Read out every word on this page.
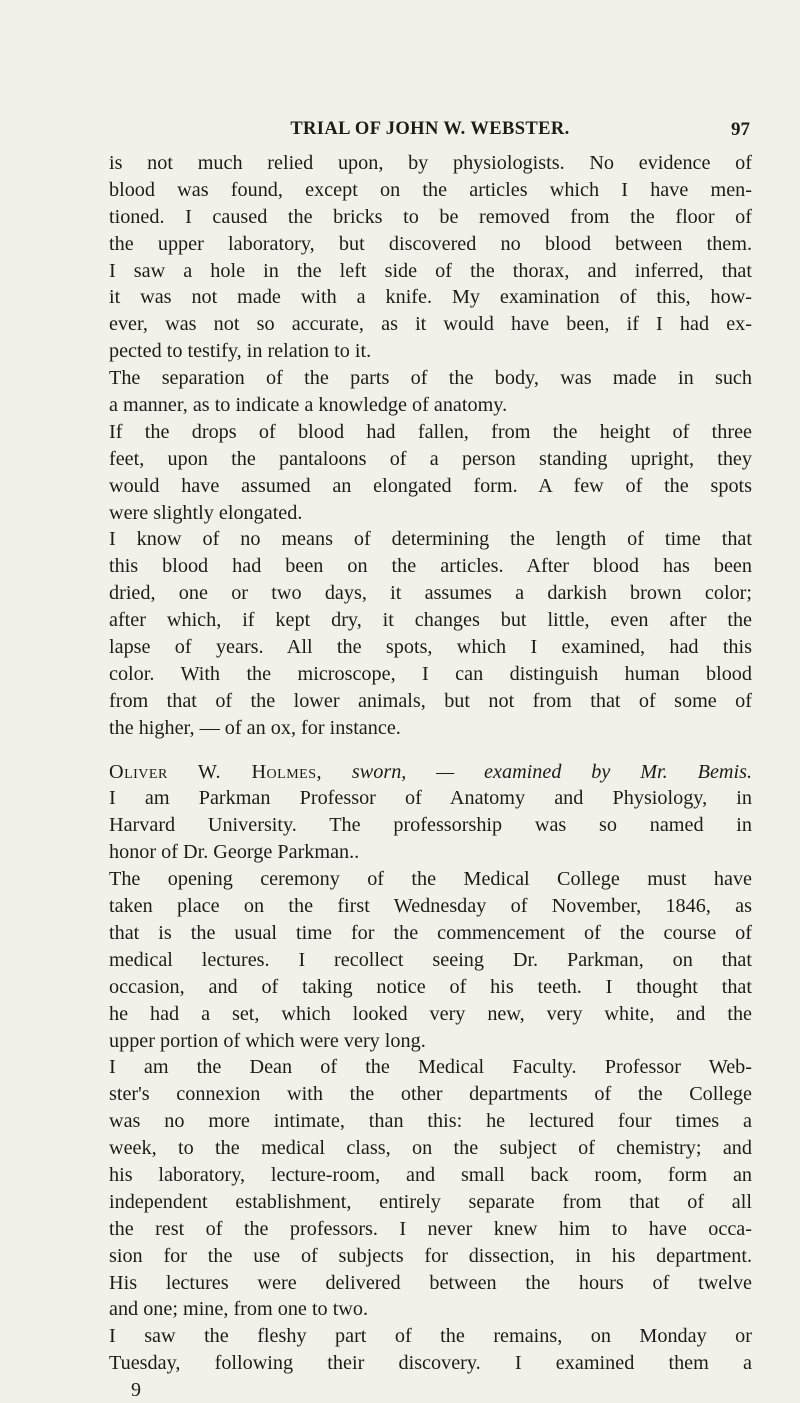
TRIAL OF JOHN W. WEBSTER.	97
is not much relied upon, by physiologists. No evidence of
blood was found, except on the articles which I have men-
tioned. I caused the bricks to be removed from the floor of
the upper laboratory, but discovered no blood between them.
I saw a hole in the left side of the thorax, and inferred, that
it was not made with a knife. My examination of this, how-
ever, was not so accurate, as it would have been, if I had ex-
pected to testify, in relation to it.
The separation of the parts of the body, was made in such
a manner, as to indicate a knowledge of anatomy.
If the drops of blood had fallen, from the height of three
feet, upon the pantaloons of a person standing upright, they
would have assumed an elongated form. A few of the spots
were slightly elongated.
I know of no means of determining the length of time that
this blood had been on the articles. After blood has been
dried, one or two days, it assumes a darkish brown color;
after which, if kept dry, it changes but little, even after the
lapse of years. All the spots, which I examined, had this
color. With the microscope, I can distinguish human blood
from that of the lower animals, but not from that of some of
the higher, — of an ox, for instance.
Oliver W. Holmes, sworn, — examined by Mr. Bemis.
I am Parkman Professor of Anatomy and Physiology, in
Harvard University. The professorship was so named in
honor of Dr. George Parkman..
The opening ceremony of the Medical College must have
taken place on the first Wednesday of November, 1846, as
that is the usual time for the commencement of the course of
medical lectures. I recollect seeing Dr. Parkman, on that
occasion, and of taking notice of his teeth. I thought that
he had a set, which looked very new, very white, and the
upper portion of which were very long.
I am the Dean of the Medical Faculty. Professor Web-
ster's connexion with the other departments of the College
was no more intimate, than this: he lectured four times a
week, to the medical class, on the subject of chemistry; and
his laboratory, lecture-room, and small back room, form an
independent establishment, entirely separate from that of all
the rest of the professors. I never knew him to have occa-
sion for the use of subjects for dissection, in his department.
His lectures were delivered between the hours of twelve
and one; mine, from one to two.
I saw the fleshy part of the remains, on Monday or
Tuesday, following their discovery. I examined them a
9
